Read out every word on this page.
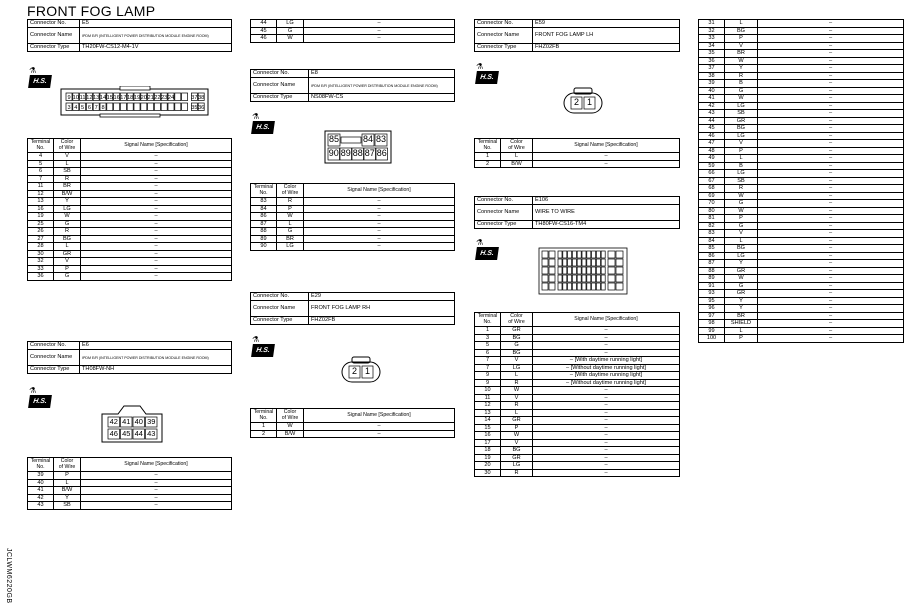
FRONT FOG LAMP
JCLWM6220GB
Connector No.	E5
Connector Name	IPDM E/R (INTELLIGENT POWER DISTRIBUTION MODULE ENGINE ROOM)
Connector Type	TH20FW-CS12-M4-1V
⚗
H.S.
9
3
10
4
11
5
12
6
13
7
14
8
15 16 17 18 19 20 21 22 23 24	37
35
38
36
Terminal
No.	Color
of Wire	Signal Name [Specification]
4	V	–
5	L	–
6	SB	–
7	R	–
11	BR	–
12	B/W	–
13	Y	–
16	LG	–
19	W	–
25	G	–
26	R	–
27	BG	–
28	L	–
30	GR	–
32	V	–
33	P	–
36	G	–
Connector No.	E6
Connector Name	IPDM E/R (INTELLIGENT POWER DISTRIBUTION MODULE ENGINE ROOM)
Connector Type	TH08FW-NH
⚗
H.S.
42
46
41
45
40
44
39
43
Terminal
No.	Color
of Wire	Signal Name [Specification]
39	P	–
40	L	–
41	B/W	–
42	Y	–
43	SB	–
44	LG	–
45	G	–
46	W	–
Connector No.	E8
Connector Name	IPDM E/R (INTELLIGENT POWER DISTRIBUTION MODULE ENGINE ROOM)
Connector Type	NS08FW-CS
⚗
H.S.
85	84 83
90 89 88 87 86
Terminal
No.	Color
of Wire	Signal Name [Specification]
83	R	–
84	P	–
86	W	–
87	L	–
88	G	–
89	BR	–
90	LG	–
Connector No.	E29
Connector Name	FRONT FOG LAMP RH
Connector Type	FHZ02FB
⚗
H.S.
2 1
Terminal
No.	Color
of Wire	Signal Name [Specification]
1	W	–
2	B/W	–
Connector No.	E59
Connector Name	FRONT FOG LAMP LH
Connector Type	FHZ02FB
⚗
H.S.
2 1
Terminal
No.	Color
of Wire	Signal Name [Specification]
1	L	–
2	B/W	–
Connector No.	E106
Connector Name	WIRE TO WIRE
Connector Type	TH80FW-CS16-TM4
⚗
H.S.
Terminal
No.	Color
of Wire	Signal Name [Specification]
1	GR	–
3	BG	–
5	G	–
6	BG	–
7	V	– [With daytime running light]
7	LG	– [Without daytime running light]
9	L	– [With daytime running light]
9	R	– [Without daytime running light]
10	W	–
11	V	–
12	R	–
13	L	–
14	GR	–
15	P	–
16	W	–
17	V	–
18	BG	–
19	GR	–
20	LG	–
30	R	–
31	L	–
32	BG	–
33	P	–
34	V	–
35	BR	–
36	W	–
37	Y	–
38	R	–
39	B	–
40	G	–
41	W	–
42	LG	–
43	SB	–
44	GR	–
45	BG	–
46	LG	–
47	V	–
48	P	–
49	L	–
59	B	–
66	LG	–
67	SB	–
68	R	–
69	W	–
70	G	–
80	W	–
81	P	–
82	G	–
83	V	–
84	L	–
85	BG	–
86	LG	–
87	Y	–
88	GR	–
89	W	–
91	G	–
93	GR	–
95	Y	–
96	Y	–
97	BR	–
98	SHIELD	–
99	L	–
100	P	–
